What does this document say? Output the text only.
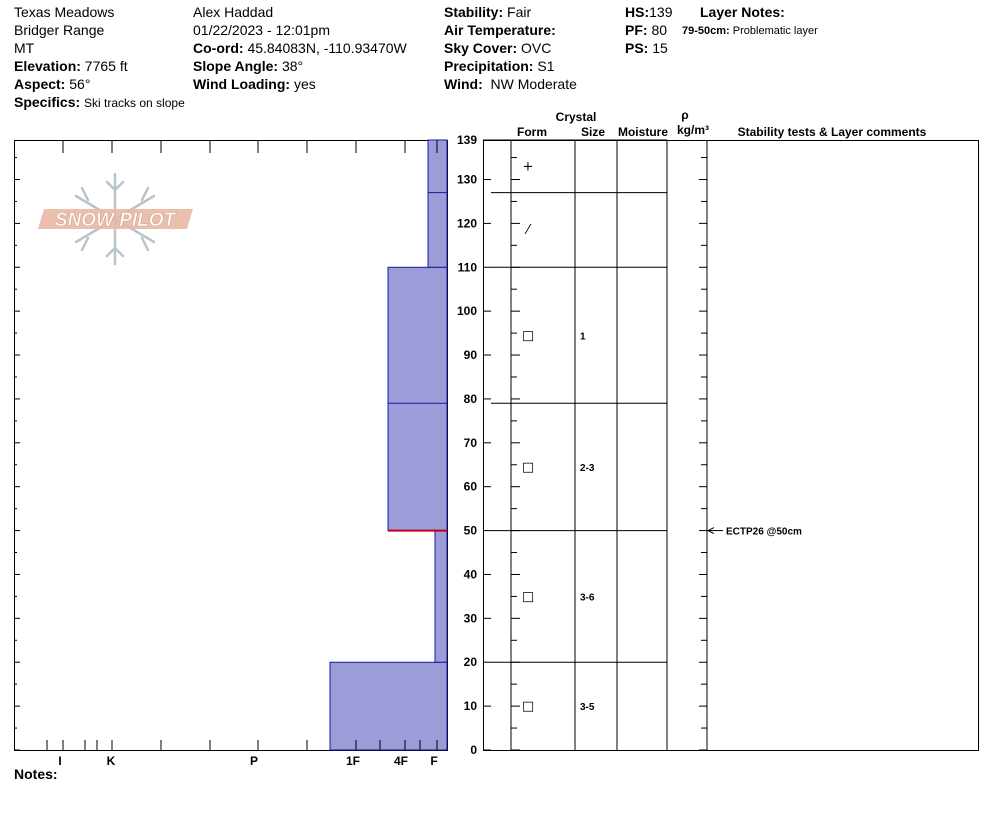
Texas Meadows
Bridger Range
MT
Elevation: 7765 ft
Aspect: 56°
Specifics: Ski tracks on slope
Alex Haddad
01/22/2023 - 12:01pm
Co-ord: 45.84083N, -110.93470W
Slope Angle: 38°
Wind Loading: yes
Stability: Fair
Air Temperature:
Sky Cover: OVC
Precipitation: S1
Wind: NW Moderate
HS:139
PF: 80
PS: 15
Layer Notes:
79-50cm: Problematic layer
SNOW PILOT
I	K	P	1F	4F F
0
10
20
30
40
50
60
70
80
90
100
110
120
130
139
Crystal
Form	Size Moisture
ρ
kg/m³ Stability tests & Layer comments
+
⁄
□	1
□	2-3
□	3-6
□	3-5
ECTP26 @50cm
Notes:
